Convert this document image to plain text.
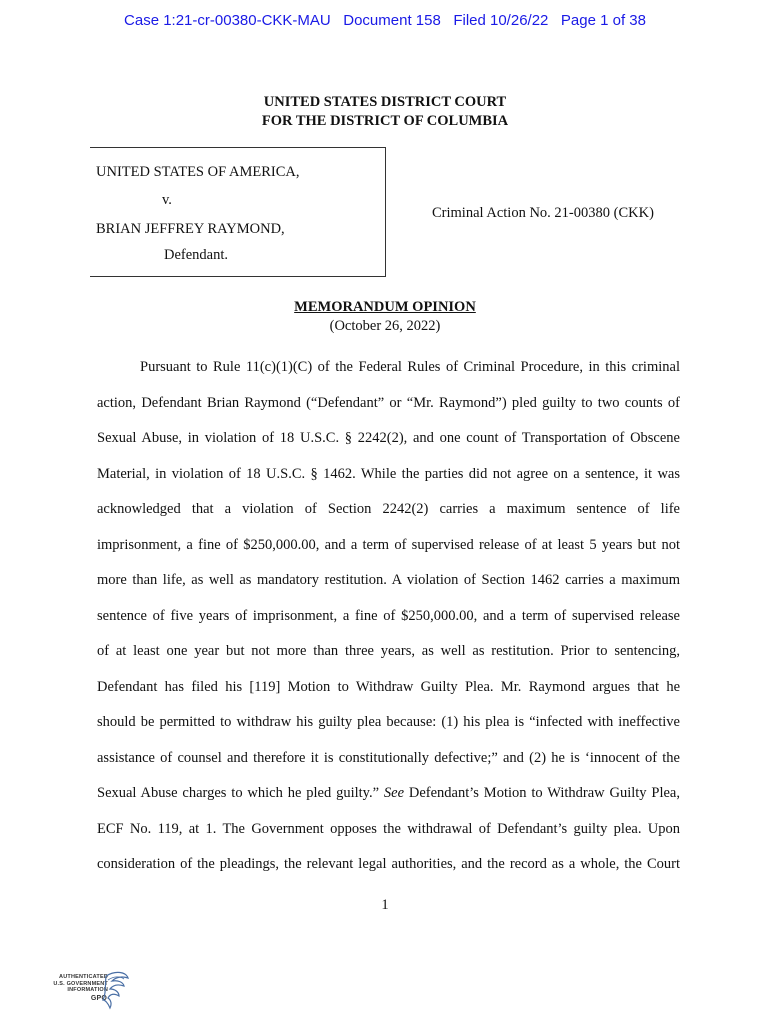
Case 1:21-cr-00380-CKK-MAU   Document 158   Filed 10/26/22   Page 1 of 38
UNITED STATES DISTRICT COURT
FOR THE DISTRICT OF COLUMBIA
UNITED STATES OF AMERICA,
v.
BRIAN JEFFREY RAYMOND,
Defendant.
Criminal Action No. 21-00380 (CKK)
MEMORANDUM OPINION
(October 26, 2022)
Pursuant to Rule 11(c)(1)(C) of the Federal Rules of Criminal Procedure, in this criminal
action, Defendant Brian Raymond (“Defendant” or “Mr. Raymond”) pled guilty to two counts of
Sexual Abuse, in violation of 18 U.S.C. § 2242(2), and one count of Transportation of Obscene
Material, in violation of 18 U.S.C. § 1462. While the parties did not agree on a sentence, it was
acknowledged that a violation of Section 2242(2) carries a maximum sentence of life
imprisonment, a fine of $250,000.00, and a term of supervised release of at least 5 years but not
more than life, as well as mandatory restitution. A violation of Section 1462 carries a maximum
sentence of five years of imprisonment, a fine of $250,000.00, and a term of supervised release
of at least one year but not more than three years, as well as restitution. Prior to sentencing,
Defendant has filed his [119] Motion to Withdraw Guilty Plea. Mr. Raymond argues that he
should be permitted to withdraw his guilty plea because: (1) his plea is “infected with ineffective
assistance of counsel and therefore it is constitutionally defective;” and (2) he is ‘innocent of the
Sexual Abuse charges to which he pled guilty.” See Defendant’s Motion to Withdraw Guilty Plea,
ECF No. 119, at 1. The Government opposes the withdrawal of Defendant’s guilty plea. Upon
consideration of the pleadings, the relevant legal authorities, and the record as a whole, the Court
1
AUTHENTICATED
U.S. GOVERNMENT
INFORMATION
GPO
